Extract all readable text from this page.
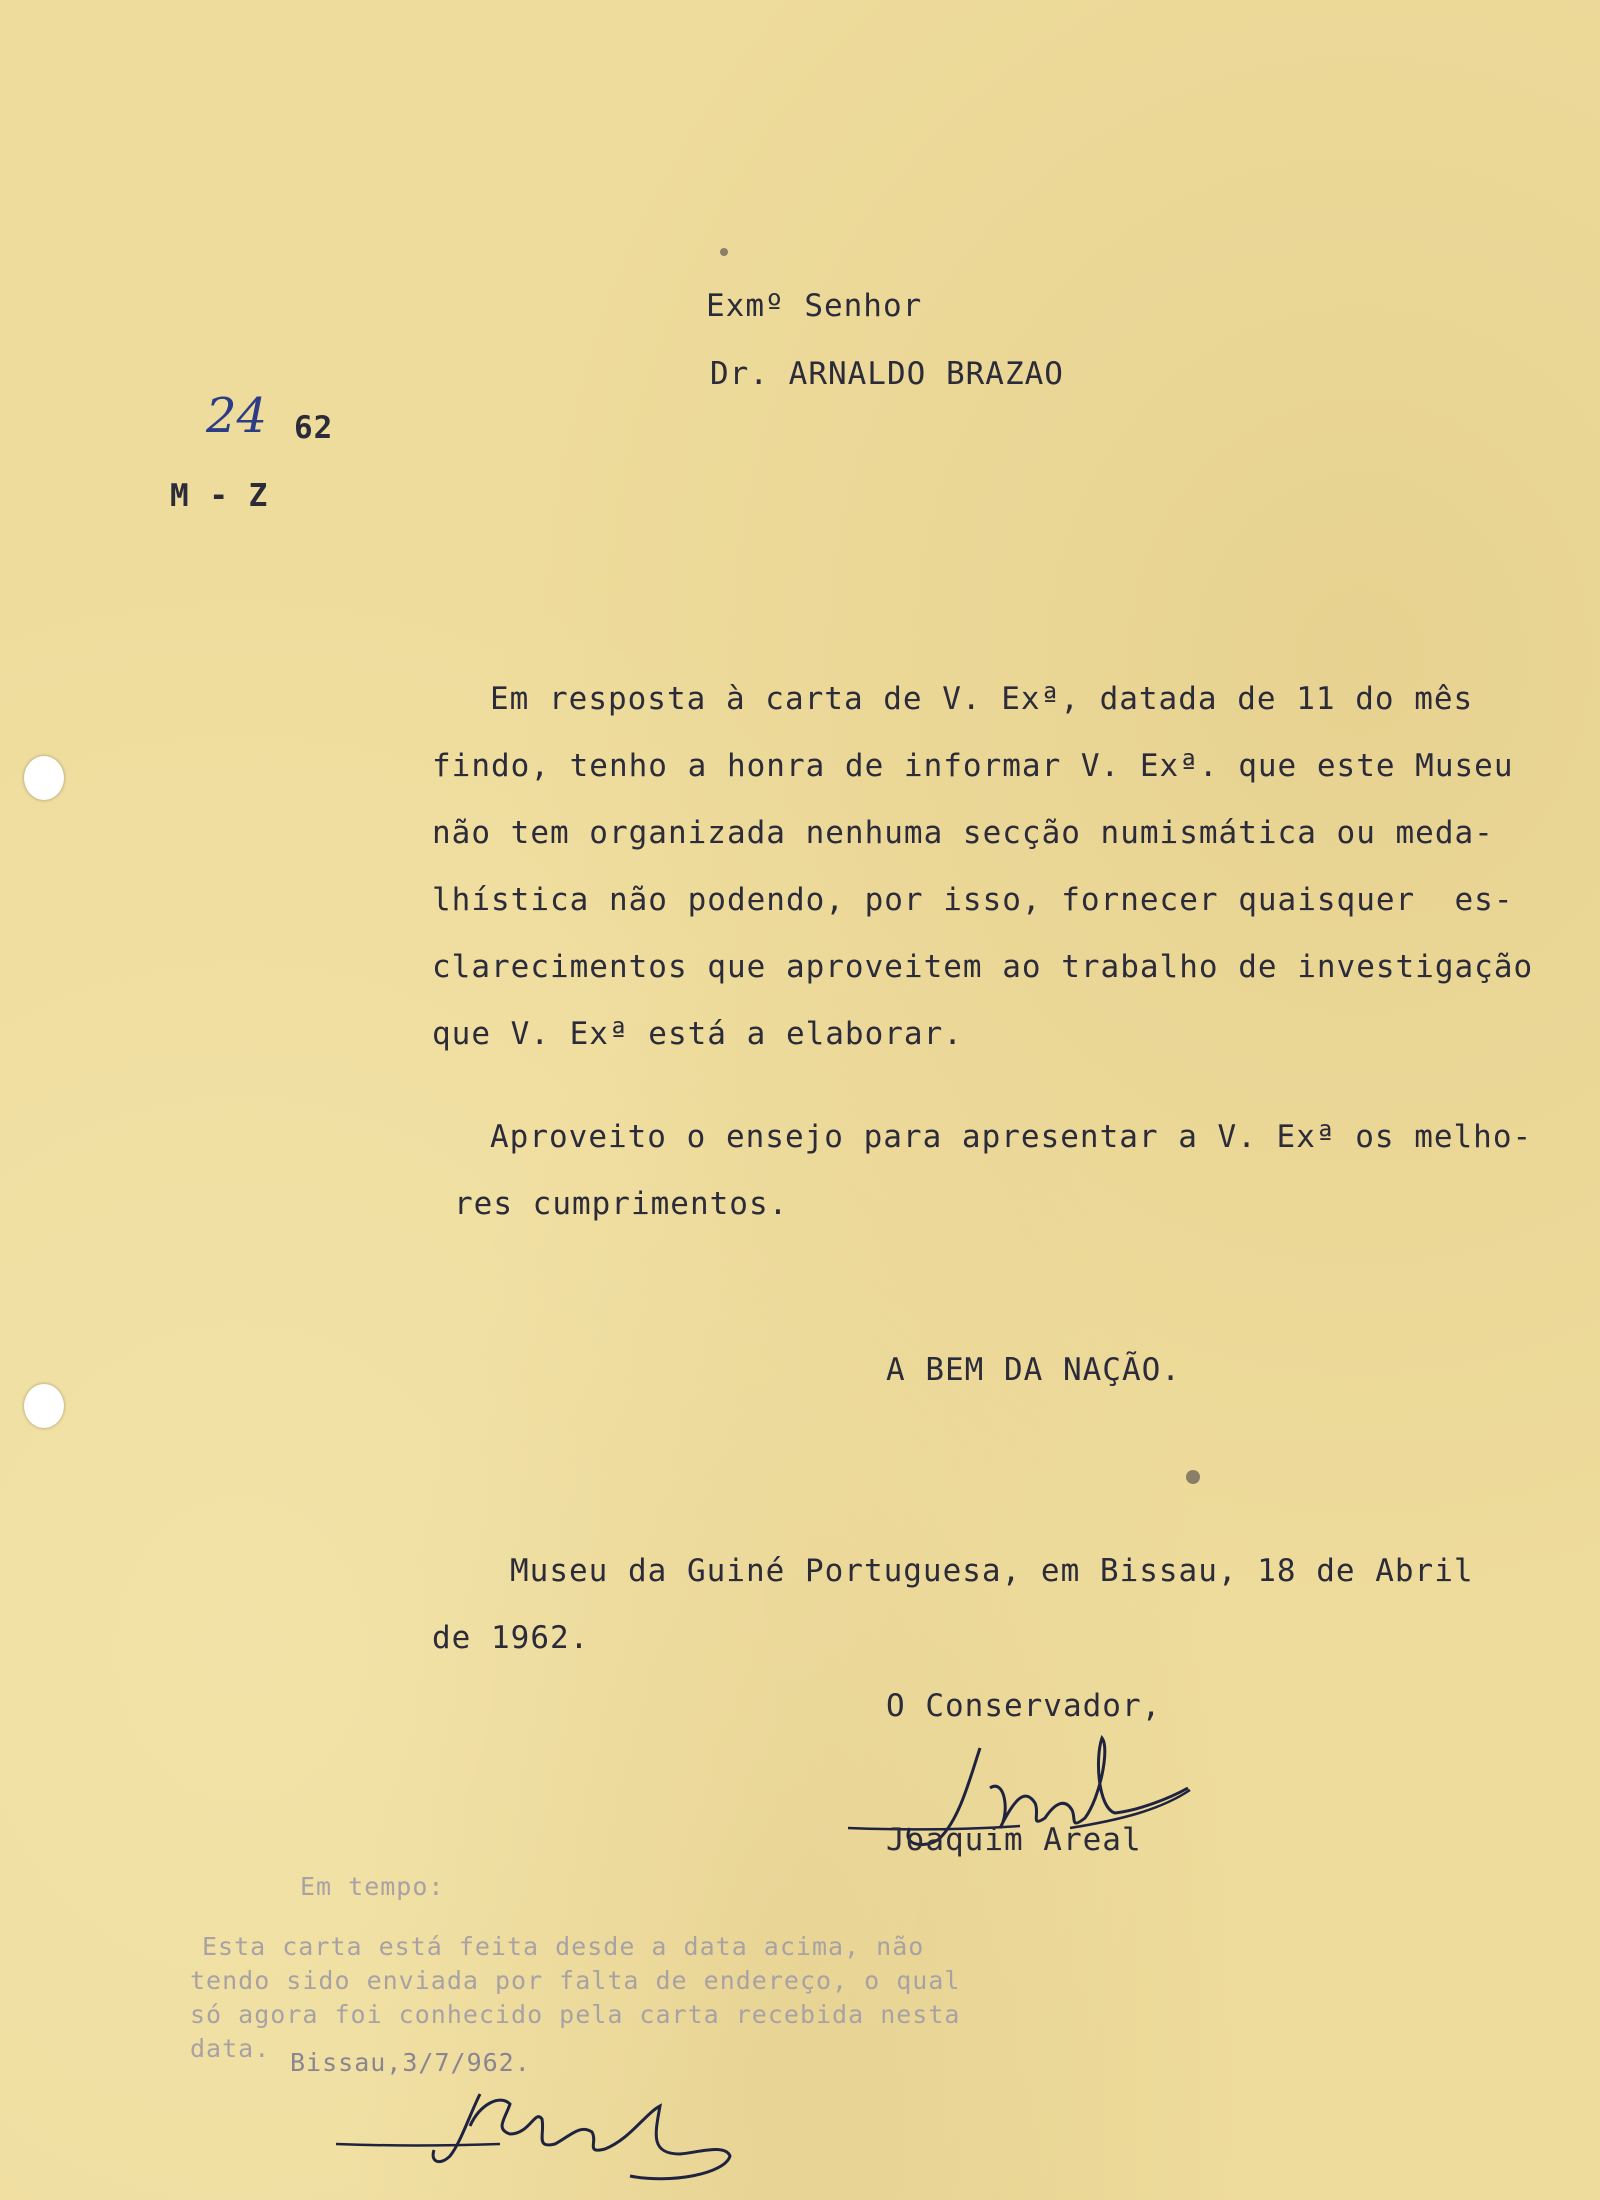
Exmº Senhor
Dr. ARNALDO BRAZAO
24 62
M - Z
Em resposta à carta de V. Exª, datada de 11 do mês
findo, tenho a honra de informar V. Exª. que este Museu
não tem organizada nenhuma secção numismática ou meda-
lhística não podendo, por isso, fornecer quaisquer  es-
clarecimentos que aproveitem ao trabalho de investigação
que V. Exª está a elaborar.
Aproveito o ensejo para apresentar a V. Exª os melho-
res cumprimentos.
A BEM DA NAÇÃO.
Museu da Guiné Portuguesa, em Bissau, 18 de Abril
de 1962.
O Conservador,
Joaquim Areal
Em tempo:
Esta carta está feita desde a data acima, não
tendo sido enviada por falta de endereço, o qual
só agora foi conhecido pela carta recebida nesta
data. Bissau,3/7/962.
